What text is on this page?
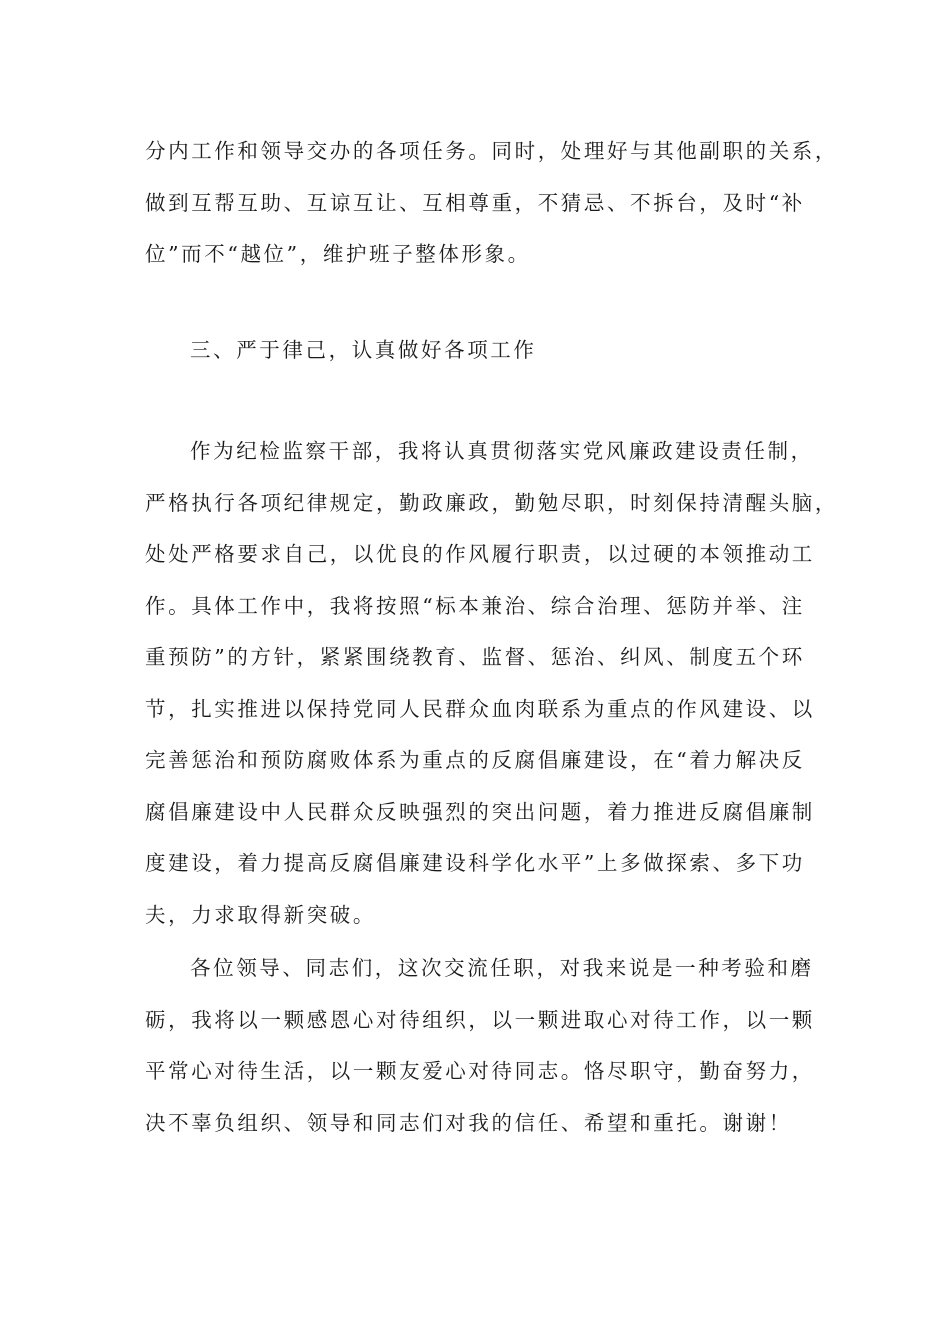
分内工作和领导交办的各项任务。同时，处理好与其他副职的关系，
做到互帮互助、互谅互让、互相尊重，不猜忌、不拆台，及时“补
位”而不“越位”，维护班子整体形象。
三、严于律己，认真做好各项工作
作为纪检监察干部，我将认真贯彻落实党风廉政建设责任制，
严格执行各项纪律规定，勤政廉政，勤勉尽职，时刻保持清醒头脑，
处处严格要求自己，以优良的作风履行职责，以过硬的本领推动工
作。具体工作中，我将按照“标本兼治、综合治理、惩防并举、注
重预防”的方针，紧紧围绕教育、监督、惩治、纠风、制度五个环
节，扎实推进以保持党同人民群众血肉联系为重点的作风建设、以
完善惩治和预防腐败体系为重点的反腐倡廉建设，在“着力解决反
腐倡廉建设中人民群众反映强烈的突出问题，着力推进反腐倡廉制
度建设，着力提高反腐倡廉建设科学化水平”上多做探索、多下功
夫，力求取得新突破。
各位领导、同志们，这次交流任职，对我来说是一种考验和磨
砺，我将以一颗感恩心对待组织，以一颗进取心对待工作，以一颗
平常心对待生活，以一颗友爱心对待同志。恪尽职守，勤奋努力，
决不辜负组织、领导和同志们对我的信任、希望和重托。谢谢！
